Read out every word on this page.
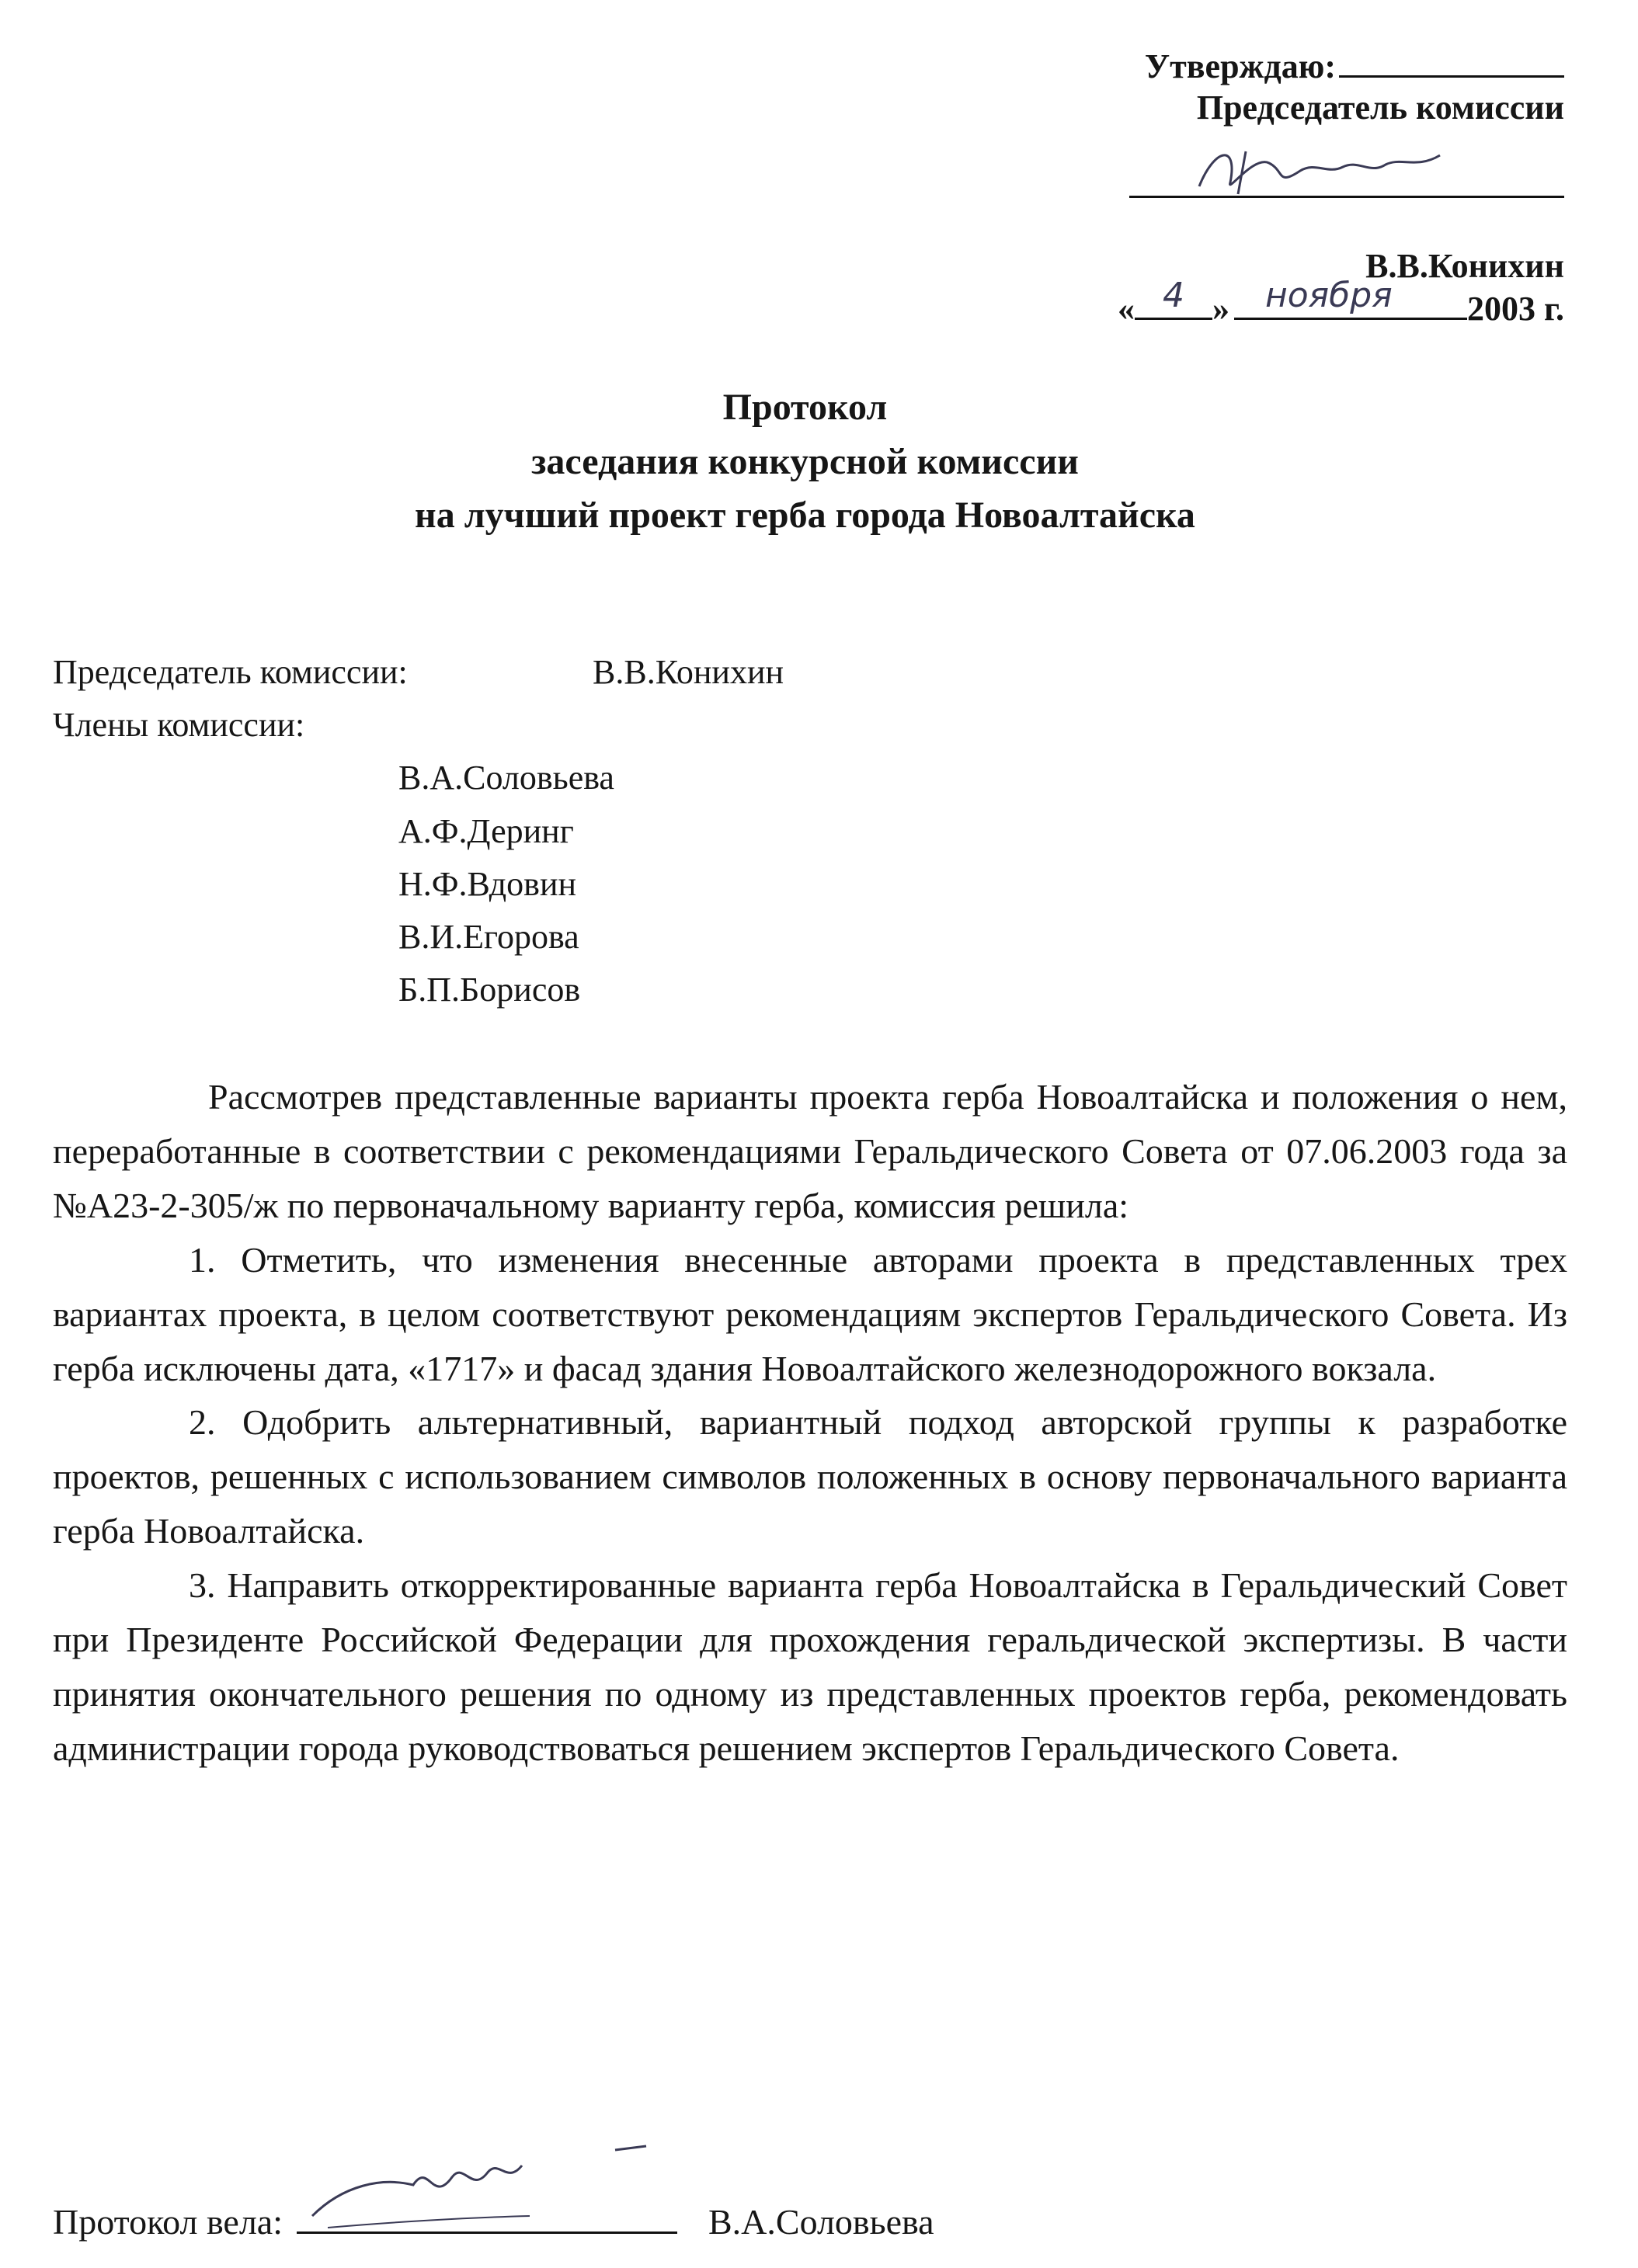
Утверждаю:
Председатель комиссии
В.В.Конихин
« 4 » ноября 2003 г.
Протокол
заседания конкурсной комиссии
на лучший проект герба города Новоалтайска
Председатель комиссии:	В.В.Конихин
Члены комиссии:
В.А.Соловьева
А.Ф.Деринг
Н.Ф.Вдовин
В.И.Егорова
Б.П.Борисов

Рассмотрев представленные варианты проекта герба Новоалтайска и положения о нем, переработанные в соответствии с рекомендациями Геральдического Совета от 07.06.2003 года за №А23-2-305/ж по первоначальному варианту герба, комиссия решила:

1. Отметить, что изменения внесенные авторами проекта в представленных трех вариантах проекта, в целом соответствуют рекомендациям экспертов Геральдического Совета. Из герба исключены дата, «1717» и фасад здания Новоалтайского железнодорожного вокзала.

2. Одобрить альтернативный, вариантный подход авторской группы к разработке проектов, решенных с использованием символов положенных в основу первоначального варианта герба Новоалтайска.

3. Направить откорректированные варианта герба Новоалтайска в Геральдический Совет при Президенте Российской Федерации для прохождения геральдической экспертизы. В части принятия окончательного решения по одному из представленных проектов герба, рекомендовать администрации города руководствоваться решением экспертов Геральдического Совета.

Протокол вела:	В.А.Соловьева
